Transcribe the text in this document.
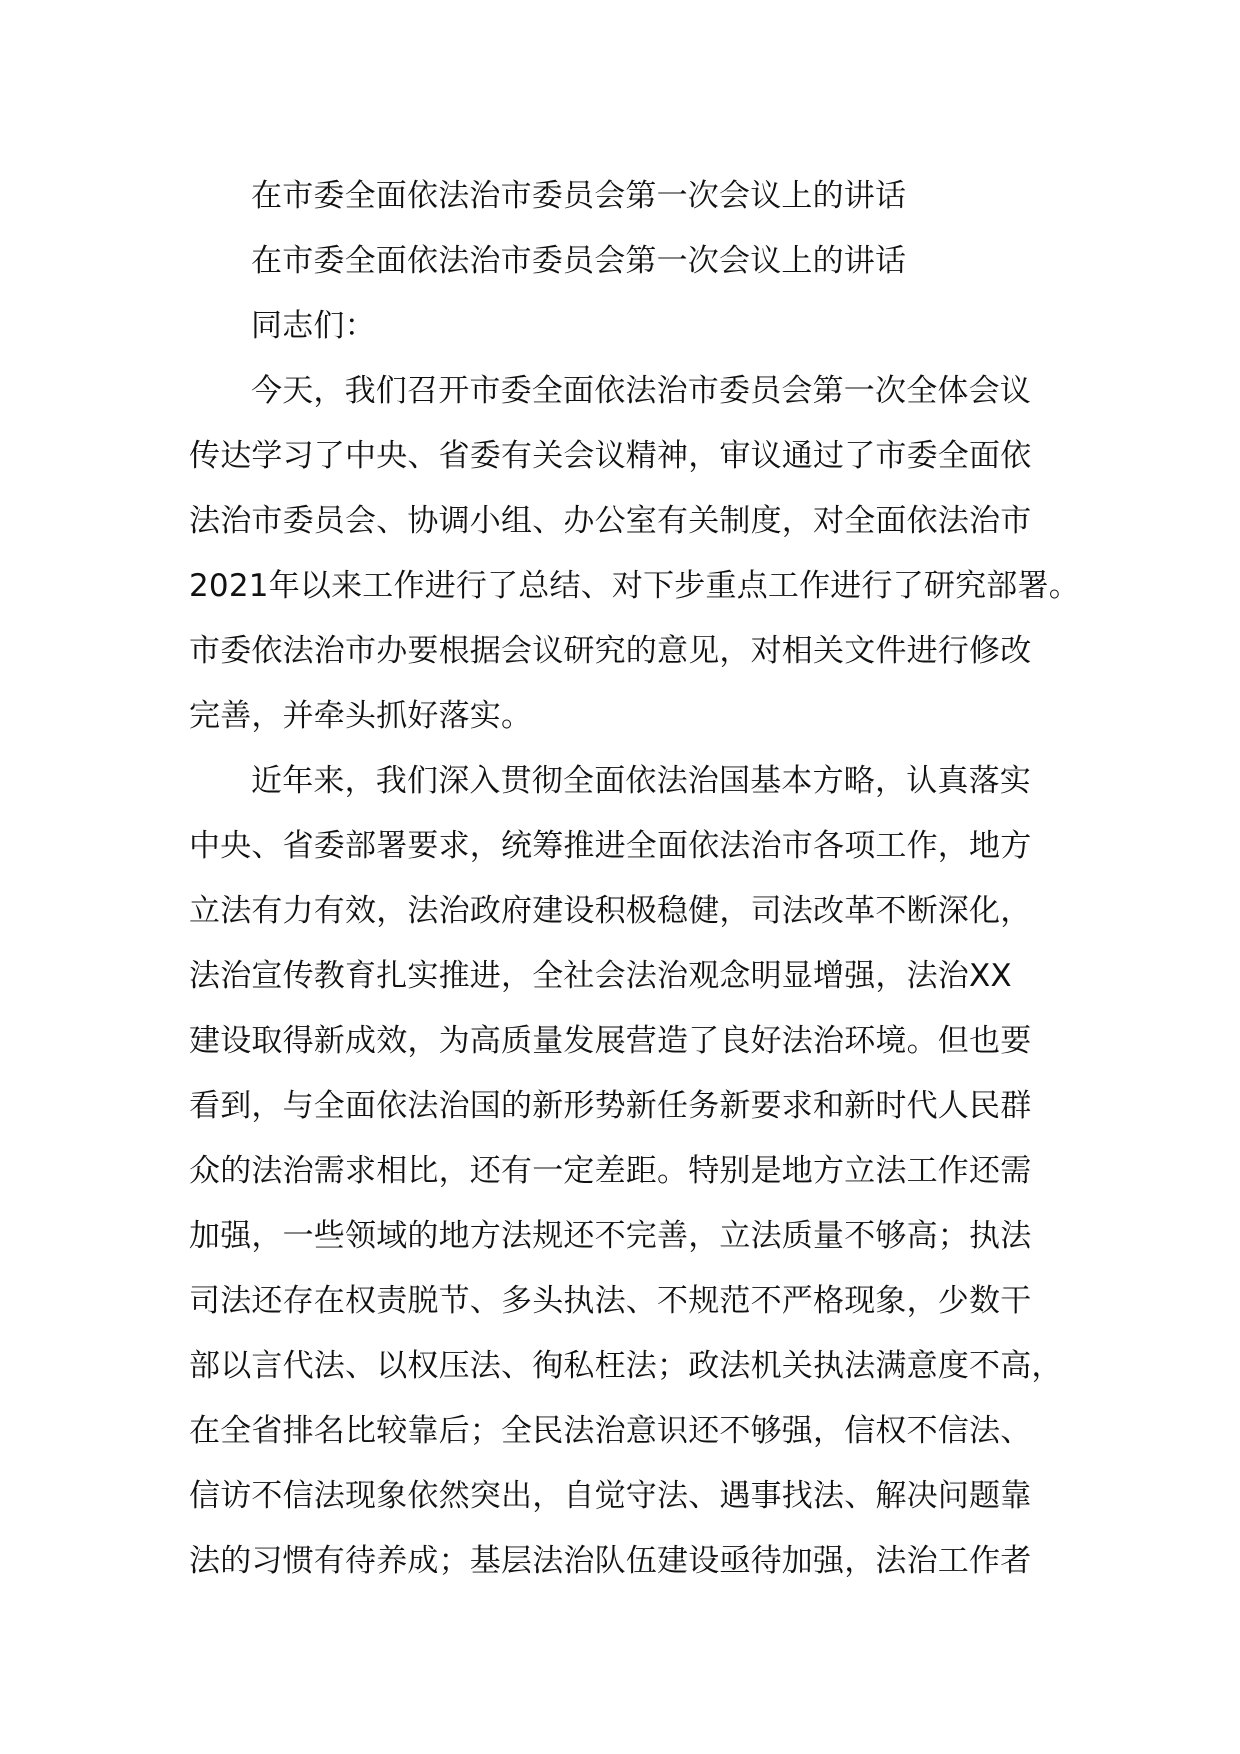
在市委全面依法治市委员会第一次会议上的讲话
在市委全面依法治市委员会第一次会议上的讲话
同志们：
今天，我们召开市委全面依法治市委员会第一次全体会议
传达学习了中央、省委有关会议精神，审议通过了市委全面依
法治市委员会、协调小组、办公室有关制度，对全面依法治市
2021年以来工作进行了总结、对下步重点工作进行了研究部署。
市委依法治市办要根据会议研究的意见，对相关文件进行修改
完善，并牵头抓好落实。
近年来，我们深入贯彻全面依法治国基本方略，认真落实
中央、省委部署要求，统筹推进全面依法治市各项工作，地方
立法有力有效，法治政府建设积极稳健，司法改革不断深化，
法治宣传教育扎实推进，全社会法治观念明显增强，法治XX
建设取得新成效，为高质量发展营造了良好法治环境。但也要
看到，与全面依法治国的新形势新任务新要求和新时代人民群
众的法治需求相比，还有一定差距。特别是地方立法工作还需
加强，一些领域的地方法规还不完善，立法质量不够高；执法
司法还存在权责脱节、多头执法、不规范不严格现象，少数干
部以言代法、以权压法、徇私枉法；政法机关执法满意度不高，
在全省排名比较靠后；全民法治意识还不够强，信权不信法、
信访不信法现象依然突出，自觉守法、遇事找法、解决问题靠
法的习惯有待养成；基层法治队伍建设亟待加强，法治工作者
